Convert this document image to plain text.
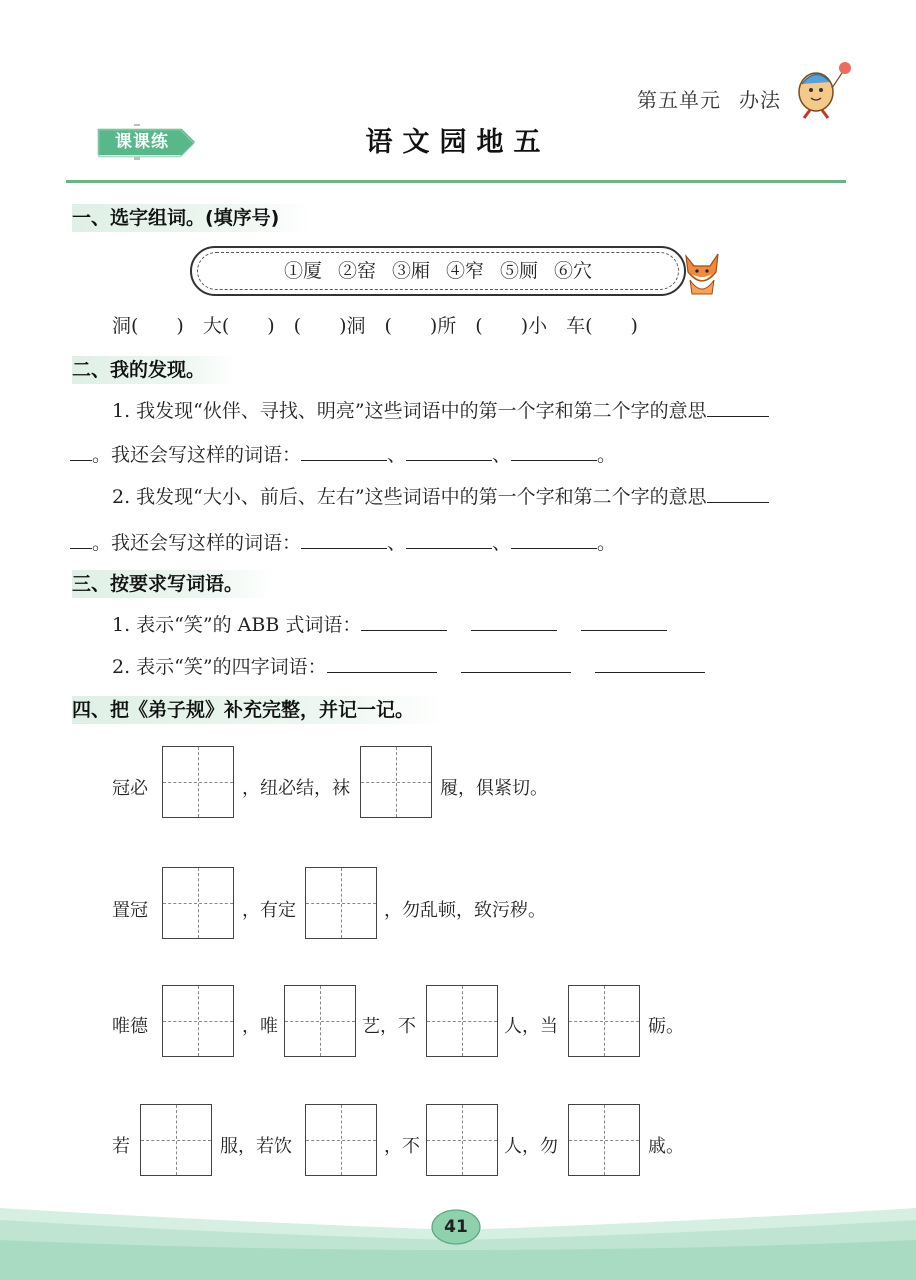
第五单元 办法
课课练	语文园地五
一、选字组词。(填序号)
①厦 ②窑 ③厢 ④窄 ⑤厕 ⑥穴
洞(　　)　大(　　)　(　　)洞　(　　)所　(　　)小　车(　　)
二、我的发现。
1. 我发现“伙伴、寻找、明亮”这些词语中的第一个字和第二个字的意思
。我还会写这样的词语：	、	、	。
2. 我发现“大小、前后、左右”这些词语中的第一个字和第二个字的意思
。我还会写这样的词语：	、	、	。
三、按要求写词语。
1. 表示“笑”的 ABB 式词语：
2. 表示“笑”的四字词语：
四、把《弟子规》补充完整，并记一记。
冠必	，纽必结，袜	履，俱紧切。
置冠	，有定	，勿乱顿，致污秽。
唯德	，唯	艺，不	人，当	砺。
若	服，若饮	，不	人，勿	戚。
41
